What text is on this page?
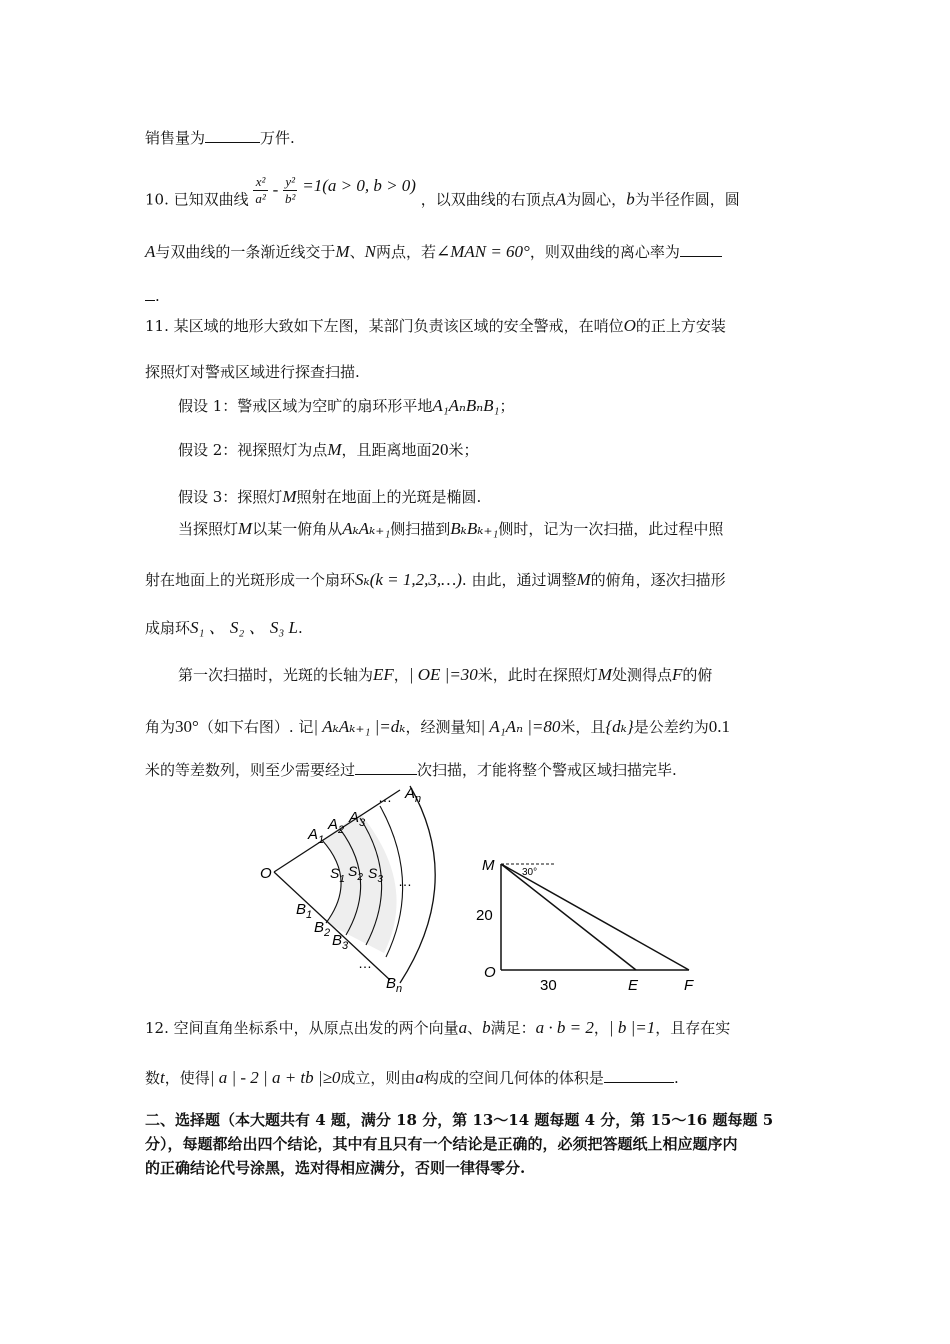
销售量为	万件.
10. 已知双曲线 $\frac{\text{x²}}{\text{a²}} - \frac{\text{y²}}{\text{b²}} =1(a > 0$, b > 0) ，以双曲线的右顶点A为圆心，b为半径作圆，圆
A与双曲线的一条渐近线交于M、N两点，若∠MAN = 60°，则双曲线的离心率为
.
11. 某区域的地形大致如下左图，某部门负责该区域的安全警戒，在哨位O的正上方安装
探照灯对警戒区域进行探查扫描.
假设 1：警戒区域为空旷的扇环形平地A₁AₙBₙB₁；
假设 2：视探照灯为点M，且距离地面20米；
假设 3：探照灯M照射在地面上的光斑是椭圆.
当探照灯M以某一俯角从AₖAₖ₊₁侧扫描到BₖBₖ₊₁侧时，记为一次扫描，此过程中照
射在地面上的光斑形成一个扇环Sₖ(k = 1,2,3,…). 由此，通过调整M的俯角，逐次扫描形
成扇环S₁ 、 S₂ 、 S₃ L.
第一次扫描时，光斑的长轴为EF，| OE |=30米，此时在探照灯M处测得点F的俯
角为30°（如下右图）. 记| AₖAₖ₊₁ |=dₖ，经测量知| A₁Aₙ |=80米，且{dₖ}是公差约为0.1
米的等差数列，则至少需要经过	次扫描，才能将整个警戒区域扫描完毕.
O
$A_1$
$A_2$
$A_3$
… $A_n$
$S_1$
$S_2$ $S_3$ …
$B_1$
$B_2$ $B_3$
…
$B_n$
M	30°
20
O
30	E	F
12. 空间直角坐标系中，从原点出发的两个向量a、b满足：a · b = 2，| b |=1，且存在实
数t，使得| a | - 2 | a + tb |≥0成立，则由a构成的空间几何体的体积是	.
二、选择题（本大题共有 4 题，满分 18 分，第 13～14 题每题 4 分，第 15～16 题每题 5
分），每题都给出四个结论，其中有且只有一个结论是正确的，必须把答题纸上相应题序内
的正确结论代号涂黑，选对得相应满分，否则一律得零分.
